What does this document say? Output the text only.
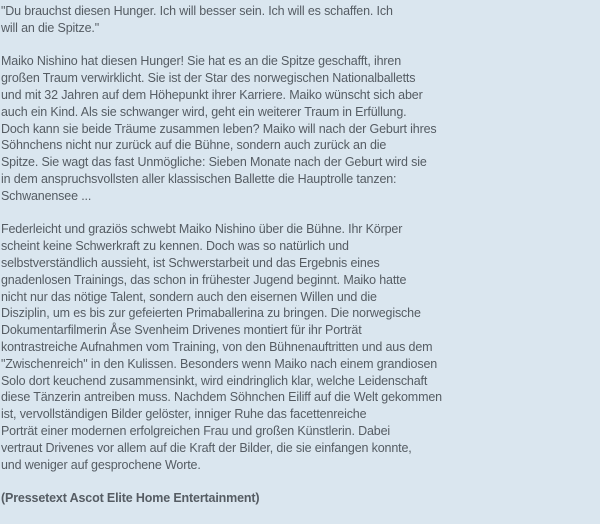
"Du brauchst diesen Hunger. Ich will besser sein. Ich will es schaffen. Ich
will an die Spitze."

Maiko Nishino hat diesen Hunger! Sie hat es an die Spitze geschafft, ihren
großen Traum verwirklicht. Sie ist der Star des norwegischen Nationalballetts
und mit 32 Jahren auf dem Höhepunkt ihrer Karriere. Maiko wünscht sich aber
auch ein Kind. Als sie schwanger wird, geht ein weiterer Traum in Erfüllung.
Doch kann sie beide Träume zusammen leben? Maiko will nach der Geburt ihres
Söhnchens nicht nur zurück auf die Bühne, sondern auch zurück an die
Spitze. Sie wagt das fast Unmögliche: Sieben Monate nach der Geburt wird sie
in dem anspruchsvollsten aller klassischen Ballette die Hauptrolle tanzen:
Schwanensee ...

Federleicht und graziös schwebt Maiko Nishino über die Bühne. Ihr Körper
scheint keine Schwerkraft zu kennen. Doch was so natürlich und
selbstverständlich aussieht, ist Schwerstarbeit und das Ergebnis eines
gnadenlosen Trainings, das schon in frühester Jugend beginnt. Maiko hatte
nicht nur das nötige Talent, sondern auch den eisernen Willen und die
Disziplin, um es bis zur gefeierten Primaballerina zu bringen. Die norwegische
Dokumentarfilmerin Åse Svenheim Drivenes montiert für ihr Porträt
kontrastreiche Aufnahmen vom Training, von den Bühnenauftritten und aus dem
"Zwischenreich" in den Kulissen. Besonders wenn Maiko nach einem grandiosen
Solo dort keuchend zusammensinkt, wird eindringlich klar, welche Leidenschaft
diese Tänzerin antreiben muss. Nachdem Söhnchen Eiliff auf die Welt gekommen
ist, vervollständigen Bilder gelöster, inniger Ruhe das facettenreiche
Porträt einer modernen erfolgreichen Frau und großen Künstlerin. Dabei
vertraut Drivenes vor allem auf die Kraft der Bilder, die sie einfangen konnte,
und weniger auf gesprochene Worte.

(Pressetext Ascot Elite Home Entertainment)
